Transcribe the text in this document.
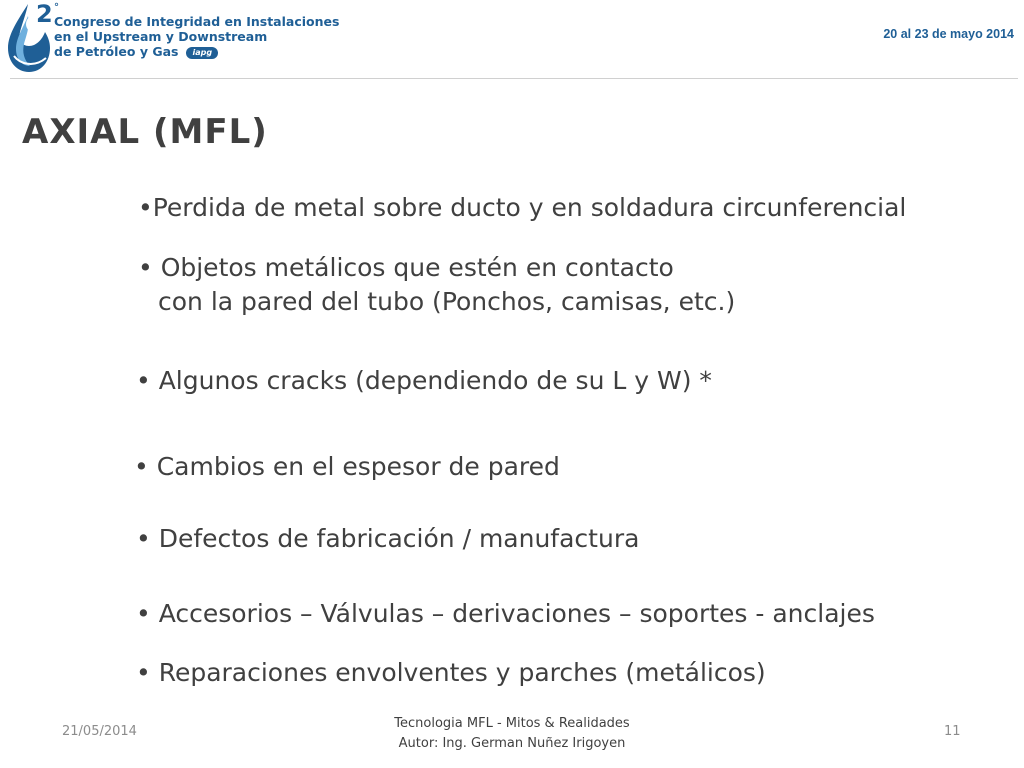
2 °
Congreso de Integridad en Instalaciones
en el Upstream y Downstream
de Petróleo y Gas iapg
20 al 23 de mayo 2014
AXIAL (MFL)
•Perdida de metal sobre ducto y en soldadura circunferencial
• Objetos metálicos que estén en contacto
con la pared del tubo (Ponchos, camisas, etc.)
• Algunos cracks (dependiendo de su L y W) *
• Cambios en el espesor de pared
• Defectos de fabricación / manufactura
• Accesorios – Válvulas – derivaciones – soportes - anclajes
• Reparaciones envolventes y parches (metálicos)
21/05/2014
Tecnologia MFL - Mitos & Realidades
Autor: Ing. German Nuñez Irigoyen
11
